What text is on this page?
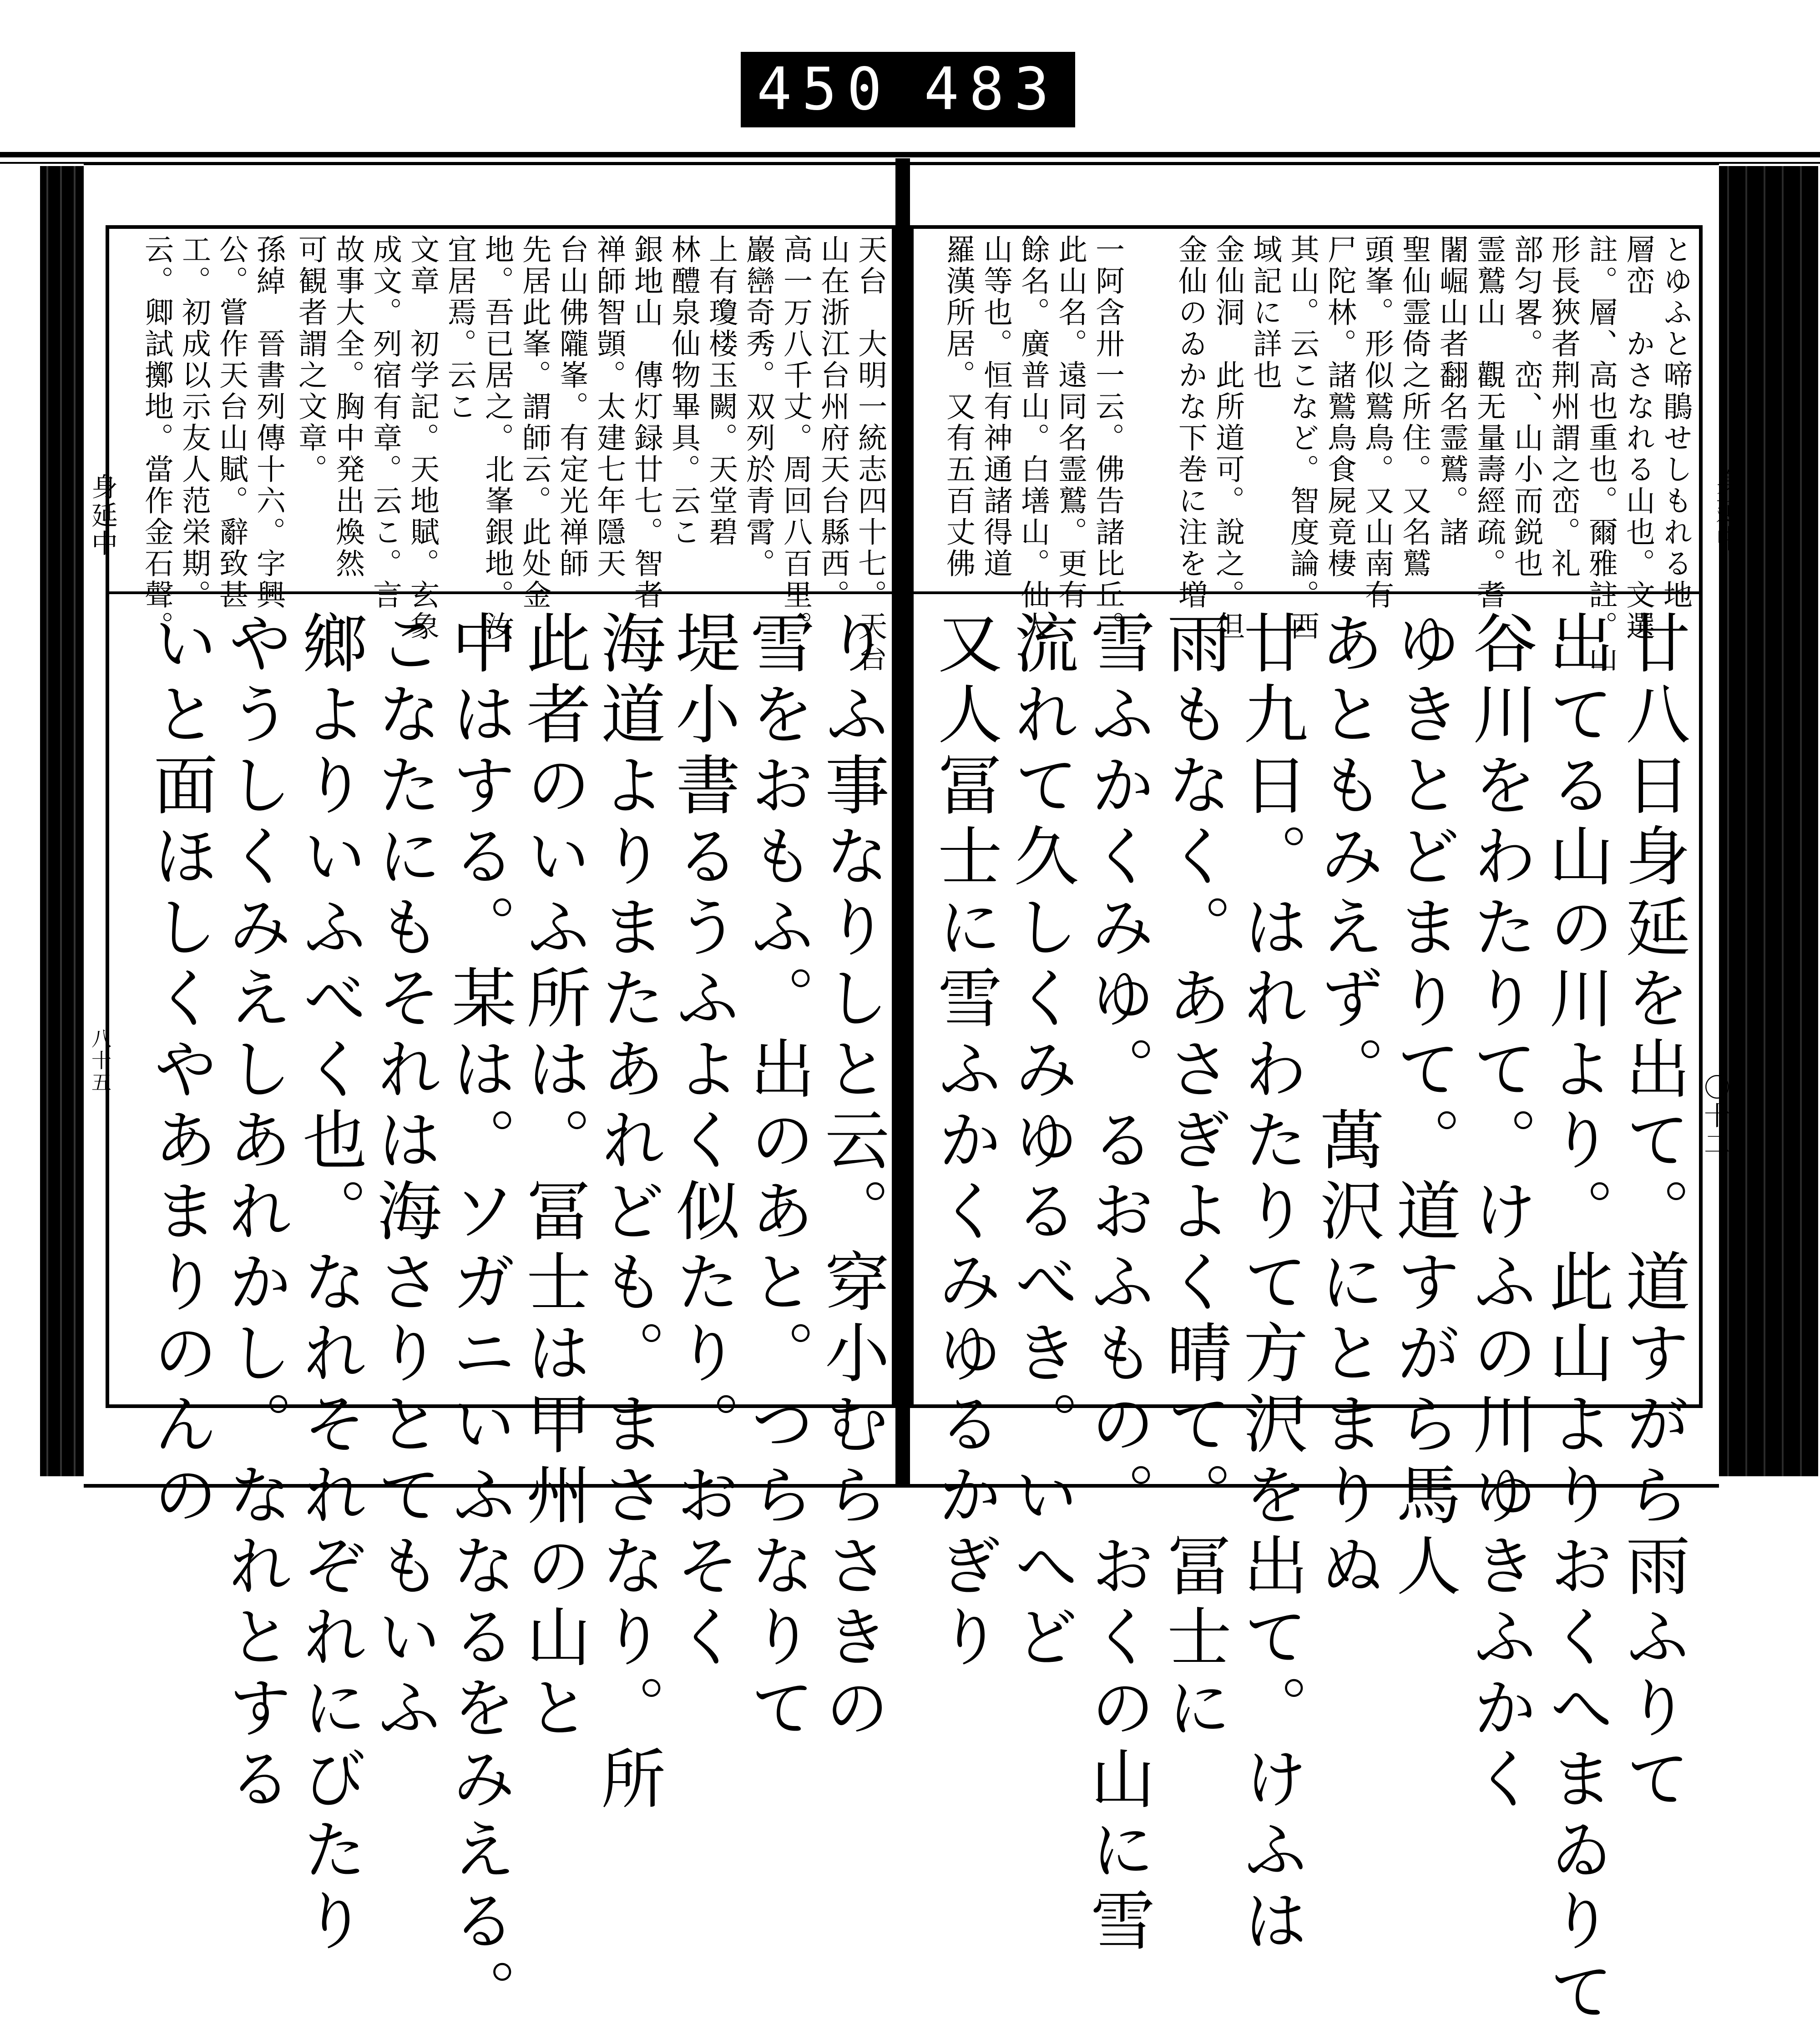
450 483
とゆふと啼鵑せしもれる地
層峦　かさなれる山也。文選
註。層、高也重也。爾雅註。山
形長狹者荆州謂之峦。礼
部匀畧。峦、山小而鋭也
霊鷲山　觀无量壽經疏。耆
闍崛山者翻名霊鷲。諸
聖仙霊倚之所住。又名鷲
頭峯。形似鷲鳥。又山南有
尸陀林。諸鷲鳥食屍竟棲
其山。云こなど。智度論。西
域記に詳也
金仙洞　此所道可。說之。但
金仙のゐかな下巻に注を増
一阿含卅一云。佛告諸比丘。
此山名。遠同名霊鷲。更有
餘名。廣普山。白墡山。仙人
山等也。恒有神通諸得道
羅漢所居。又有五百丈佛
廿八日身延を出て。道すがら雨ふりて
出てる山の川より。此山よりおくへまゐりて
谷川をわたりて。けふの川ゆきふかく
ゆきとどまりて。道すがら馬人
あともみえず。萬沢にとまりぬ
廿九日。はれわたりて方沢を出て。けふは
雨もなく。あさぎよく晴て。冨士に
雪ふかくみゆ。るおふもの。おくの山に雪
流れて久しくみゆるべき。いへど
又人冨士に雪ふかくみゆるかぎり
天台　大明一統志四十七。天台
山在浙江台州府天台縣西。
高一万八千丈。周回八百里。
巖巒奇秀。双列於青霄。
上有瓊楼玉闕。天堂碧
林醴泉仙物畢具。云こ
銀地山　傳灯録廿七。智者
禅師智顗。太建七年隱天
台山佛隴峯。有定光禅師
先居此峯。謂師云。此处金
地。吾已居之。北峯銀地。汝
宜居焉。云こ
文章　初学記。天地賦。玄象
成文。列宿有章。云こ。言
故事大全。胸中発出煥然
可観者謂之文章。
孫綽　晉書列傳十六。字興
公。嘗作天台山賦。辭致甚
工。初成以示友人范栄期。
云。卿試擲地。當作金石聲。
りふ事なりしと云。穿小むらさきの
雪をおもふ。出のあと。つらなりて
堤小書るうふよく似たり。おそく
海道よりまたあれども。まさなり。所
此者のいふ所は。冨士は甲州の山と
中はする。某は。ソガニいふなるをみえる。
こなたにもそれは海さりとてもいふ
鄉よりいふべく也。なれそれぞれにびたり
やうしくみえしあれかし。なれとする
いと面ほしくやあまりのんの
身延中
〇十二
身延中
八十五
